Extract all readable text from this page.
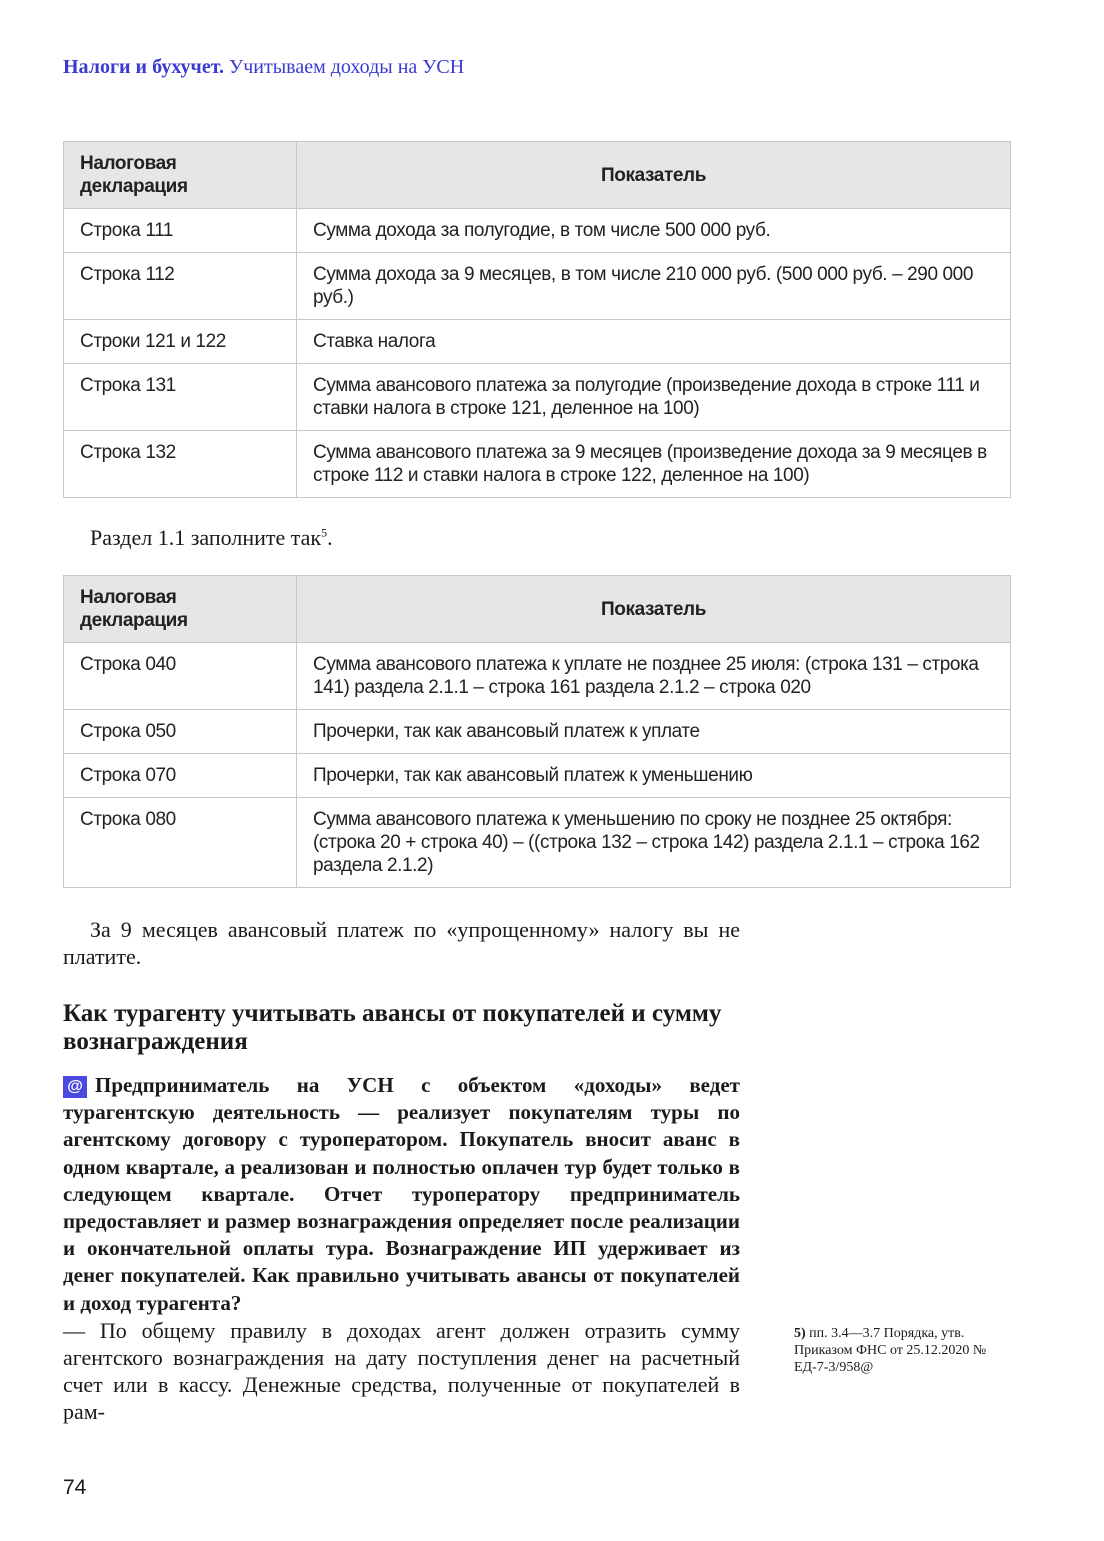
Налоги и бухучет. Учитываем доходы на УСН
Налоговая декларация	Показатель
Строка 111	Сумма дохода за полугодие, в том числе 500 000 руб.
Строка 112	Сумма дохода за 9 месяцев, в том числе 210 000 руб. (500 000 руб. – 290 000 руб.)
Строки 121 и 122	Ставка налога
Строка 131	Сумма авансового платежа за полугодие (произведение дохода в строке 111 и ставки налога в строке 121, деленное на 100)
Строка 132	Сумма авансового платежа за 9 месяцев (произведение дохода за 9 месяцев в строке 112 и ставки налога в строке 122, деленное на 100)
Раздел 1.1 заполните так$^5$.
Налоговая декларация	Показатель
Строка 040	Сумма авансового платежа к уплате не позднее 25 июля: (строка 131 – строка 141) раздела 2.1.1 – строка 161 раздела 2.1.2 – строка 020
Строка 050	Прочерки, так как авансовый платеж к уплате
Строка 070	Прочерки, так как авансовый платеж к уменьшению
Строка 080	Сумма авансового платежа к уменьшению по сроку не позднее 25 октября: (строка 20 + строка 40) – ((строка 132 – строка 142) раздела 2.1.1 – строка 162 раздела 2.1.2)
За 9 месяцев авансовый платеж по «упрощенному» налогу вы не платите.
Как турагенту учитывать авансы от покупателей и сумму вознаграждения
@ Предприниматель на УСН с объектом «доходы» ведет турагентскую деятельность — реализует покупателям туры по агентскому договору с туроператором. Покупатель вносит аванс в одном квартале, а реализован и полностью оплачен тур будет только в следующем квартале. Отчет туроператору предприниматель предоставляет и размер вознаграждения определяет после реализации и окончательной оплаты тура. Вознаграждение ИП удерживает из денег покупателей. Как правильно учитывать авансы от покупателей и доход турагента?
— По общему правилу в доходах агент должен отразить сумму агентского вознаграждения на дату поступления денег на расчетный счет или в кассу. Денежные средства, полученные от покупателей в рам-
74
5) пп. 3.4—3.7 Порядка, утв. Приказом ФНС от 25.12.2020 № ЕД-7-3/958@
